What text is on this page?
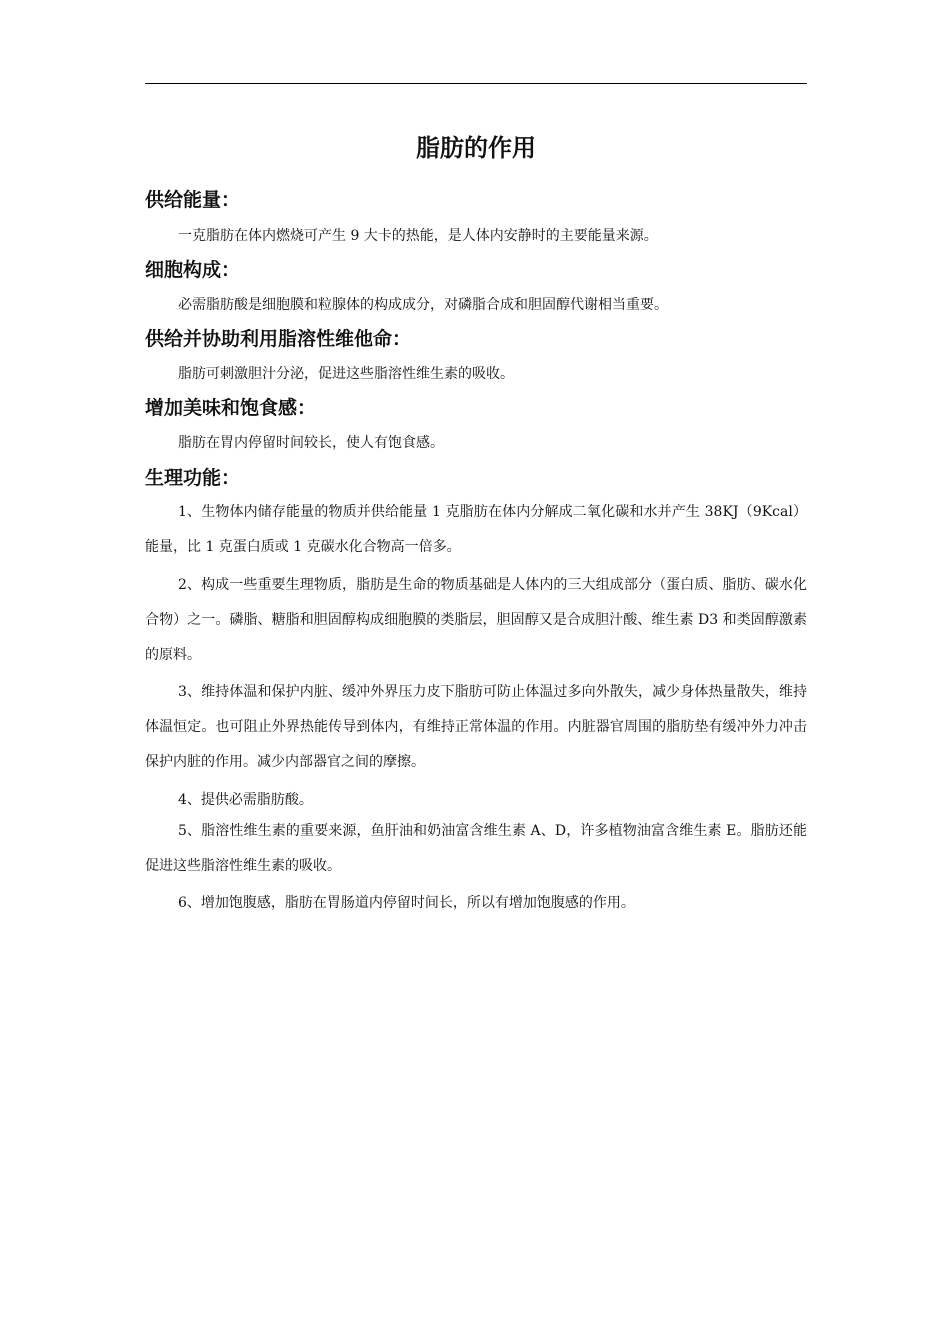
脂肪的作用
供给能量：

一克脂肪在体内燃烧可产生 9 大卡的热能，是人体内安静时的主要能量来源。

细胞构成：

必需脂肪酸是细胞膜和粒腺体的构成成分，对磷脂合成和胆固醇代谢相当重要。

供给并协助利用脂溶性维他命：

脂肪可刺激胆汁分泌，促进这些脂溶性维生素的吸收。

增加美味和饱食感：

脂肪在胃内停留时间较长，使人有饱食感。

生理功能：

1、生物体内储存能量的物质并供给能量 1 克脂肪在体内分解成二氧化碳和水并产生 38KJ（9Kcal）能量，比 1 克蛋白质或 1 克碳水化合物高一倍多。

2、构成一些重要生理物质，脂肪是生命的物质基础是人体内的三大组成部分（蛋白质、脂肪、碳水化合物）之一。磷脂、糖脂和胆固醇构成细胞膜的类脂层，胆固醇又是合成胆汁酸、维生素 D3 和类固醇激素的原料。

3、维持体温和保护内脏、缓冲外界压力皮下脂肪可防止体温过多向外散失，减少身体热量散失，维持体温恒定。也可阻止外界热能传导到体内，有维持正常体温的作用。内脏器官周围的脂肪垫有缓冲外力冲击保护内脏的作用。减少内部器官之间的摩擦。

4、提供必需脂肪酸。

5、脂溶性维生素的重要来源，鱼肝油和奶油富含维生素 A、D，许多植物油富含维生素 E。脂肪还能促进这些脂溶性维生素的吸收。

6、增加饱腹感，脂肪在胃肠道内停留时间长，所以有增加饱腹感的作用。
